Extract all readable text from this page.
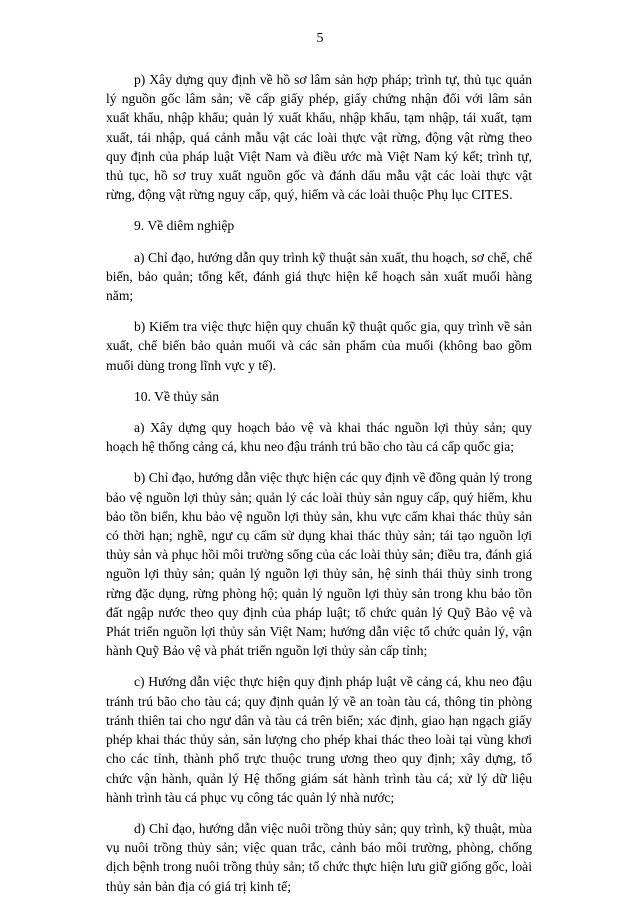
5

p) Xây dựng quy định về hồ sơ lâm sản hợp pháp; trình tự, thủ tục quản lý nguồn gốc lâm sản; về cấp giấy phép, giấy chứng nhận đối với lâm sản xuất khẩu, nhập khẩu; quản lý xuất khẩu, nhập khẩu, tạm nhập, tái xuất, tạm xuất, tái nhập, quá cảnh mẫu vật các loài thực vật rừng, động vật rừng theo quy định của pháp luật Việt Nam và điều ước mà Việt Nam ký kết; trình tự, thủ tục, hồ sơ truy xuất nguồn gốc và đánh dấu mẫu vật các loài thực vật rừng, động vật rừng nguy cấp, quý, hiếm và các loài thuộc Phụ lục CITES.

9. Về diêm nghiệp

a) Chỉ đạo, hướng dẫn quy trình kỹ thuật sản xuất, thu hoạch, sơ chế, chế biến, bảo quản; tổng kết, đánh giá thực hiện kế hoạch sản xuất muối hàng năm;

b) Kiểm tra việc thực hiện quy chuẩn kỹ thuật quốc gia, quy trình về sản xuất, chế biến bảo quản muối và các sản phẩm của muối (không bao gồm muối dùng trong lĩnh vực y tế).

10. Về thủy sản

a) Xây dựng quy hoạch bảo vệ và khai thác nguồn lợi thủy sản; quy hoạch hệ thống cảng cá, khu neo đậu tránh trú bão cho tàu cá cấp quốc gia;

b) Chỉ đạo, hướng dẫn việc thực hiện các quy định về đồng quản lý trong bảo vệ nguồn lợi thủy sản; quản lý các loài thủy sản nguy cấp, quý hiếm, khu bảo tồn biển, khu bảo vệ nguồn lợi thủy sản, khu vực cấm khai thác thủy sản có thời hạn; nghề, ngư cụ cấm sử dụng khai thác thủy sản; tái tạo nguồn lợi thủy sản và phục hồi môi trường sống của các loài thủy sản; điều tra, đánh giá nguồn lợi thủy sản; quản lý nguồn lợi thủy sản, hệ sinh thái thủy sinh trong rừng đặc dụng, rừng phòng hộ; quản lý nguồn lợi thủy sản trong khu bảo tồn đất ngập nước theo quy định của pháp luật; tổ chức quản lý Quỹ Bảo vệ và Phát triển nguồn lợi thủy sản Việt Nam; hướng dẫn việc tổ chức quản lý, vận hành Quỹ Bảo vệ và phát triển nguồn lợi thủy sản cấp tỉnh;

c) Hướng dẫn việc thực hiện quy định pháp luật về cảng cá, khu neo đậu tránh trú bão cho tàu cá; quy định quản lý về an toàn tàu cá, thông tin phòng tránh thiên tai cho ngư dân và tàu cá trên biển; xác định, giao hạn ngạch giấy phép khai thác thủy sản, sản lượng cho phép khai thác theo loài tại vùng khơi cho các tỉnh, thành phố trực thuộc trung ương theo quy định; xây dựng, tổ chức vận hành, quản lý Hệ thống giám sát hành trình tàu cá; xử lý dữ liệu hành trình tàu cá phục vụ công tác quản lý nhà nước;

d) Chỉ đạo, hướng dẫn việc nuôi trồng thủy sản; quy trình, kỹ thuật, mùa vụ nuôi trồng thủy sản; việc quan trắc, cảnh báo môi trường, phòng, chống dịch bệnh trong nuôi trồng thủy sản; tổ chức thực hiện lưu giữ giống gốc, loài thủy sản bản địa có giá trị kinh tế;
